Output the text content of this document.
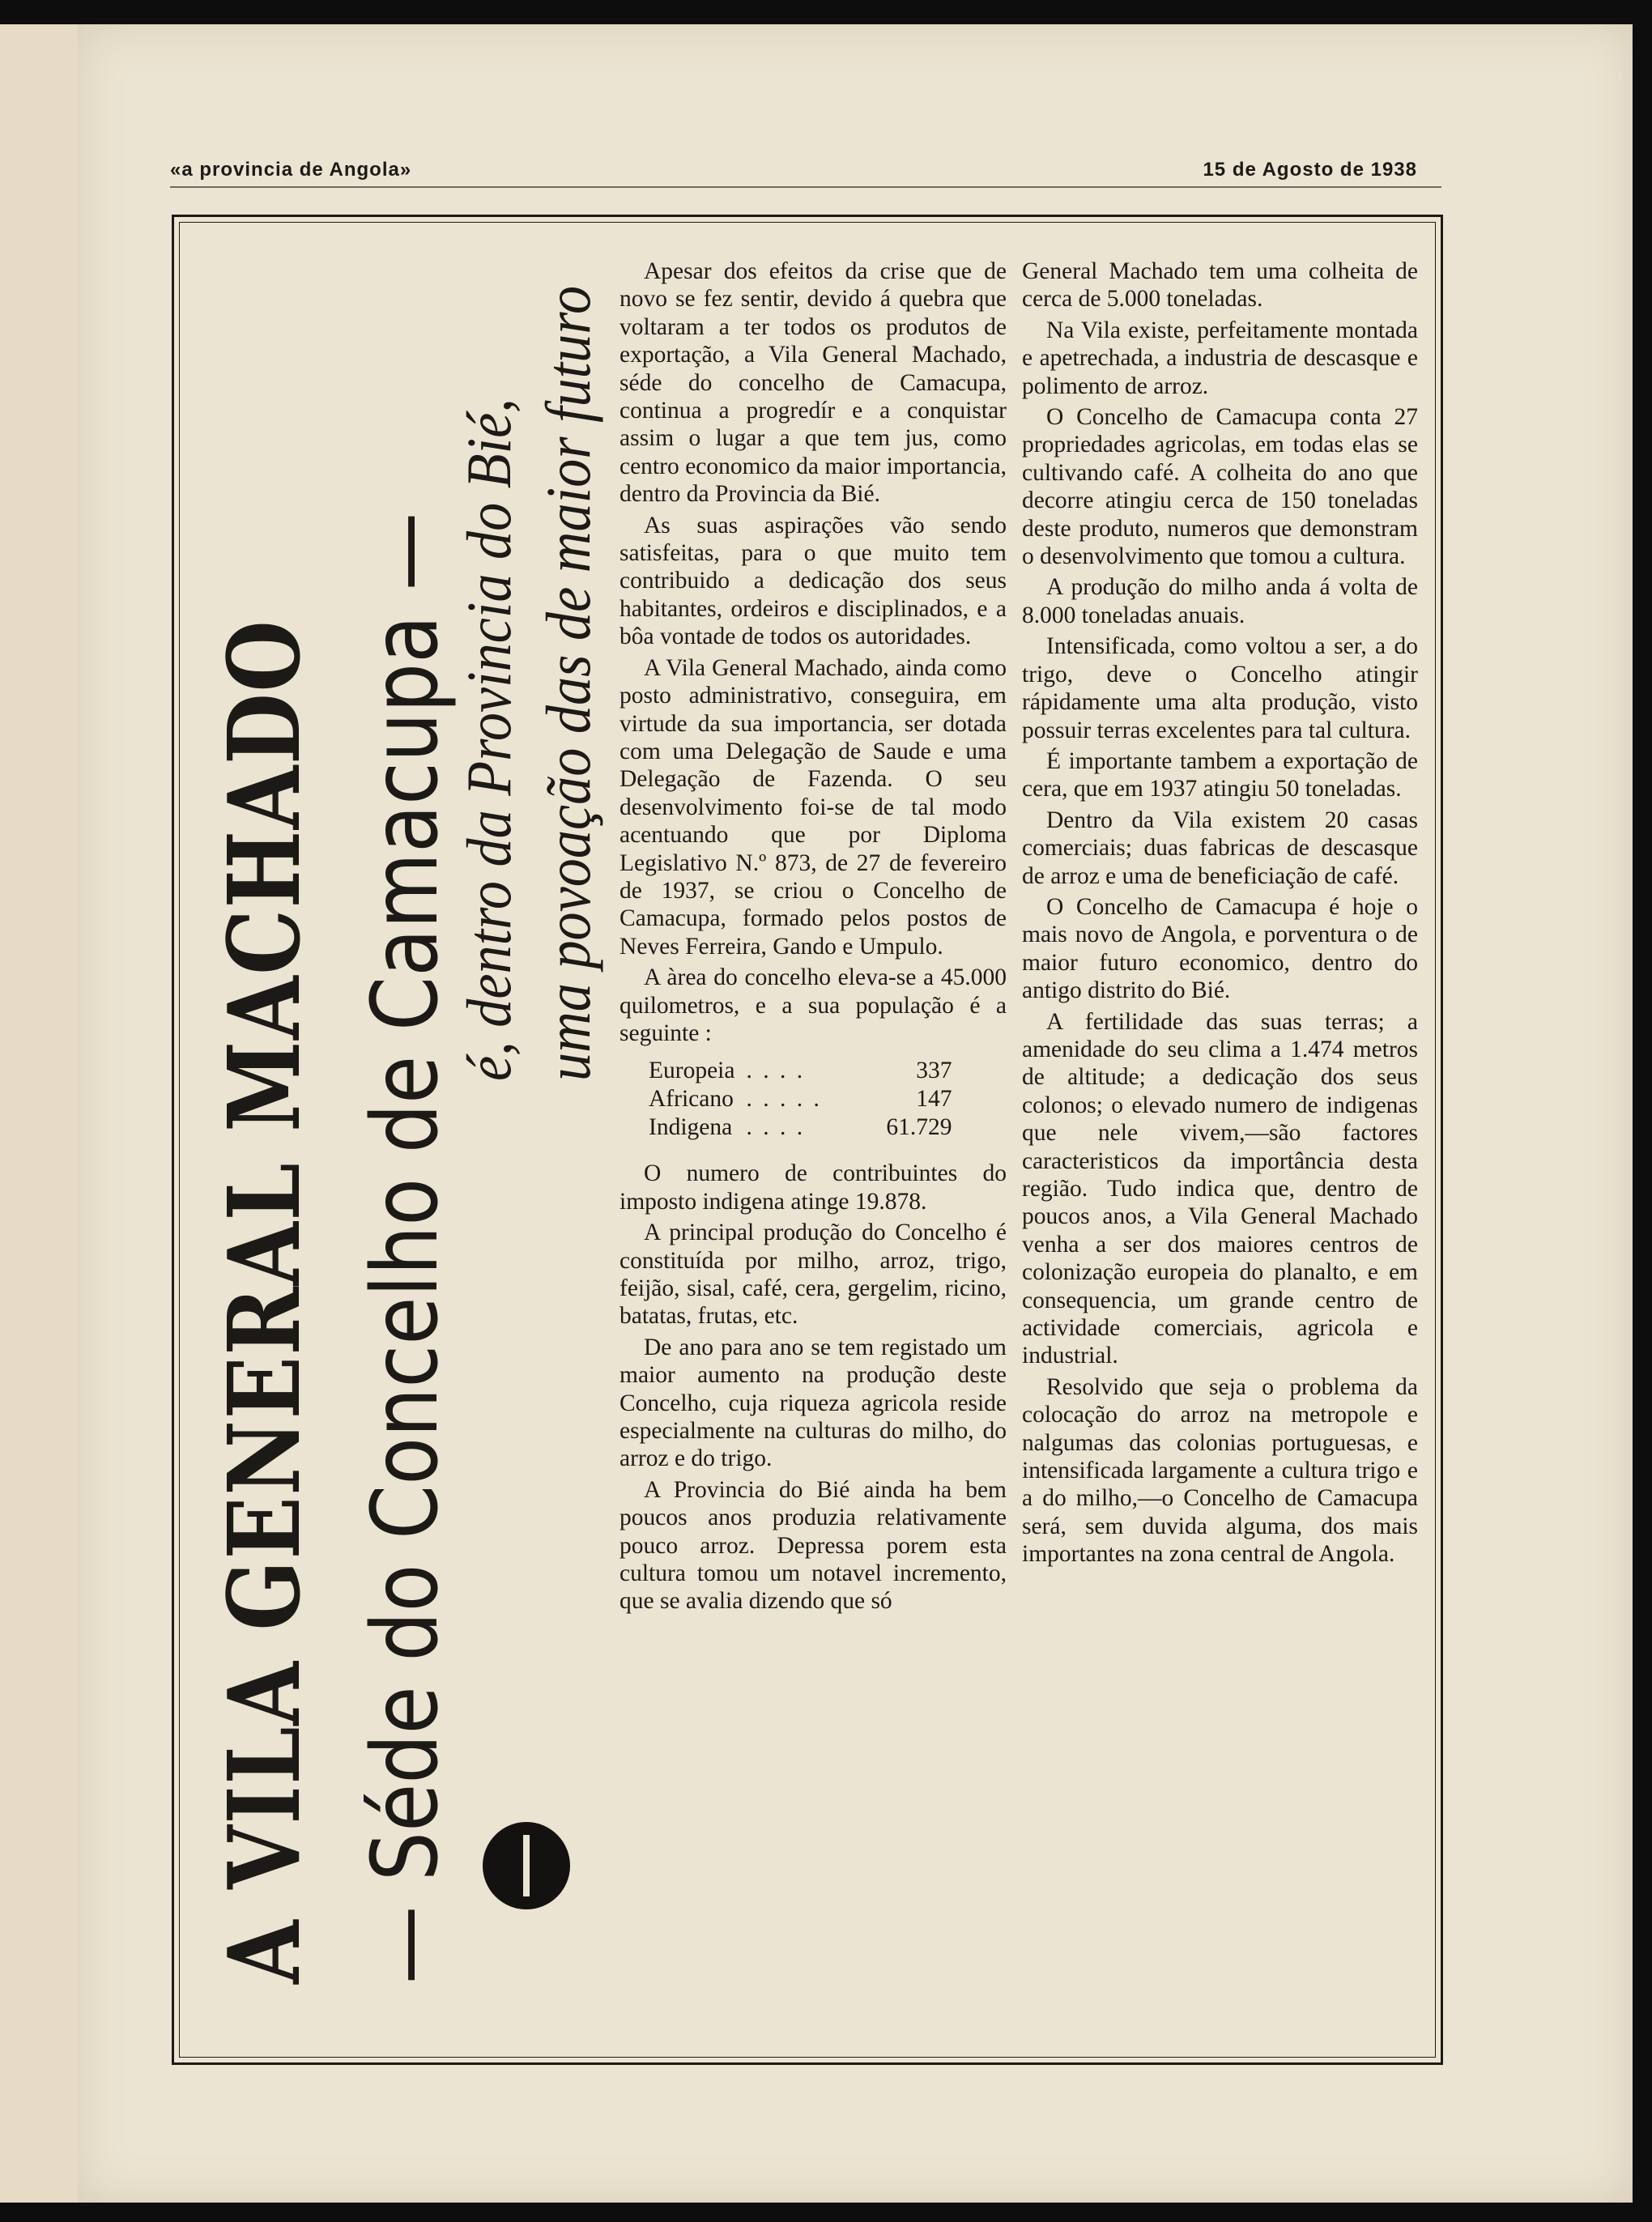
«a provincia de Angola»	15 de Agosto de 1938
A VILA GENERAL MACHADO — Séde do Concelho de Camacupa —
é, dentro da Provincia do Bié, uma povoação das de maior futuro

Apesar dos efeitos da crise que de novo se fez sentir, devido á quebra que voltaram a ter todos os produtos de exportação, a Vila General Machado, séde do concelho de Camacupa, continua a progredír e a conquistar assim o lugar a que tem jus, como centro economico da maior importancia, dentro da Provincia da Bié.

As suas aspirações vão sendo satisfeitas, para o que muito tem contribuido a dedicação dos seus habitantes, ordeiros e disciplinados, e a bôa vontade de todos os autoridades.

A Vila General Machado, ainda como posto administrativo, conseguira, em virtude da sua importancia, ser dotada com uma Delegação de Saude e uma Delegação de Fazenda. O seu desenvolvimento foi-se de tal modo acentuando que por Diploma Legislativo N.º 873, de 27 de fevereiro de 1937, se criou o Concelho de Camacupa, formado pelos postos de Neves Ferreira, Gando e Umpulo.

A àrea do concelho eleva-se a 45.000 quilometros, e a sua população é a seguinte :

Europeia	. . . .	337
Africano	. . . . .	147
Indigena	. . . .	61.729

O numero de contribuintes do imposto indigena atinge 19.878.

A principal produção do Concelho é constituída por milho, arroz, trigo, feijão, sisal, café, cera, gergelim, ricino, batatas, frutas, etc.

De ano para ano se tem registado um maior aumento na produção deste Concelho, cuja riqueza agricola reside especialmente na culturas do milho, do arroz e do trigo.

A Provincia do Bié ainda ha bem poucos anos produzia relativamente pouco arroz. Depressa porem esta cultura tomou um notavel incremento, que se avalia dizendo que só

General Machado tem uma colheita de cerca de 5.000 toneladas.

Na Vila existe, perfeitamente montada e apetrechada, a industria de descasque e polimento de arroz.

O Concelho de Camacupa conta 27 propriedades agricolas, em todas elas se cultivando café. A colheita do ano que decorre atingiu cerca de 150 toneladas deste produto, numeros que demonstram o desenvolvimento que tomou a cultura.

A produção do milho anda á volta de 8.000 toneladas anuais.

Intensificada, como voltou a ser, a do trigo, deve o Concelho atingir rápidamente uma alta produção, visto possuir terras excelentes para tal cultura.

É importante tambem a exportação de cera, que em 1937 atingiu 50 toneladas.

Dentro da Vila existem 20 casas comerciais; duas fabricas de descasque de arroz e uma de beneficiação de café.

O Concelho de Camacupa é hoje o mais novo de Angola, e porventura o de maior futuro economico, dentro do antigo distrito do Bié.

A fertilidade das suas terras; a amenidade do seu clima a 1.474 metros de altitude; a dedicação dos seus colonos; o elevado numero de indigenas que nele vivem,—são factores caracteristicos da importância desta região. Tudo indica que, dentro de poucos anos, a Vila General Machado venha a ser dos maiores centros de colonização europeia do planalto, e em consequencia, um grande centro de actividade comerciais, agricola e industrial.

Resolvido que seja o problema da colocação do arroz na metropole e nalgumas das colonias portuguesas, e intensificada largamente a cultura trigo e a do milho,—o Concelho de Camacupa será, sem duvida alguma, dos mais importantes na zona central de Angola.
